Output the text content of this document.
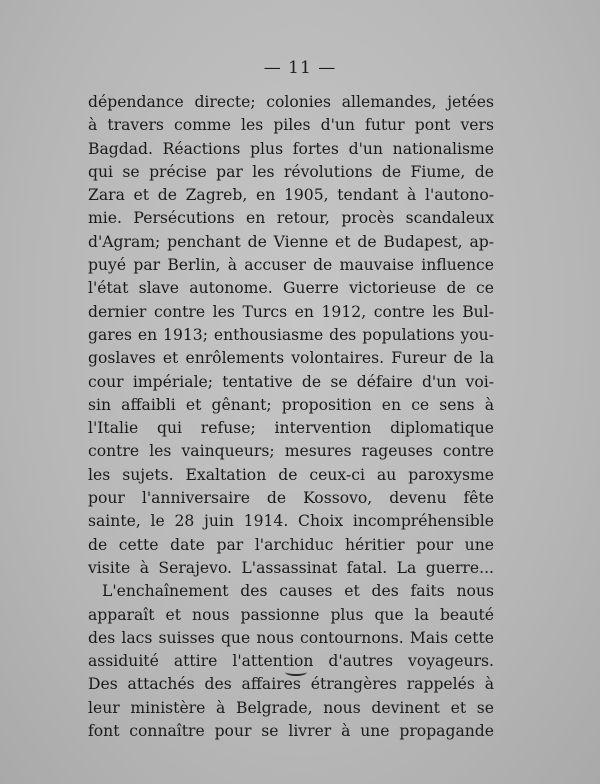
— 11 —
dépendance directe; colonies allemandes, jetées
à travers comme les piles d'un futur pont vers
Bagdad. Réactions plus fortes d'un nationalisme
qui se précise par les révolutions de Fiume, de
Zara et de Zagreb, en 1905, tendant à l'autono-
mie. Persécutions en retour, procès scandaleux
d'Agram; penchant de Vienne et de Budapest, ap-
puyé par Berlin, à accuser de mauvaise influence
l'état slave autonome. Guerre victorieuse de ce
dernier contre les Turcs en 1912, contre les Bul-
gares en 1913; enthousiasme des populations you-
goslaves et enrôlements volontaires. Fureur de la
cour impériale; tentative de se défaire d'un voi-
sin affaibli et gênant; proposition en ce sens à
l'Italie qui refuse; intervention diplomatique
contre les vainqueurs; mesures rageuses contre
les sujets. Exaltation de ceux-ci au paroxysme
pour l'anniversaire de Kossovo, devenu fête
sainte, le 28 juin 1914. Choix incompréhensible
de cette date par l'archiduc héritier pour une
visite à Serajevo. L'assassinat fatal. La guerre...
L'enchaînement des causes et des faits nous
apparaît et nous passionne plus que la beauté
des lacs suisses que nous contournons. Mais cette
assiduité attire l'attention d'autres voyageurs.
Des attachés des affaires étrangères rappelés à
leur ministère à Belgrade, nous devinent et se
font connaître pour se livrer à une propagande
